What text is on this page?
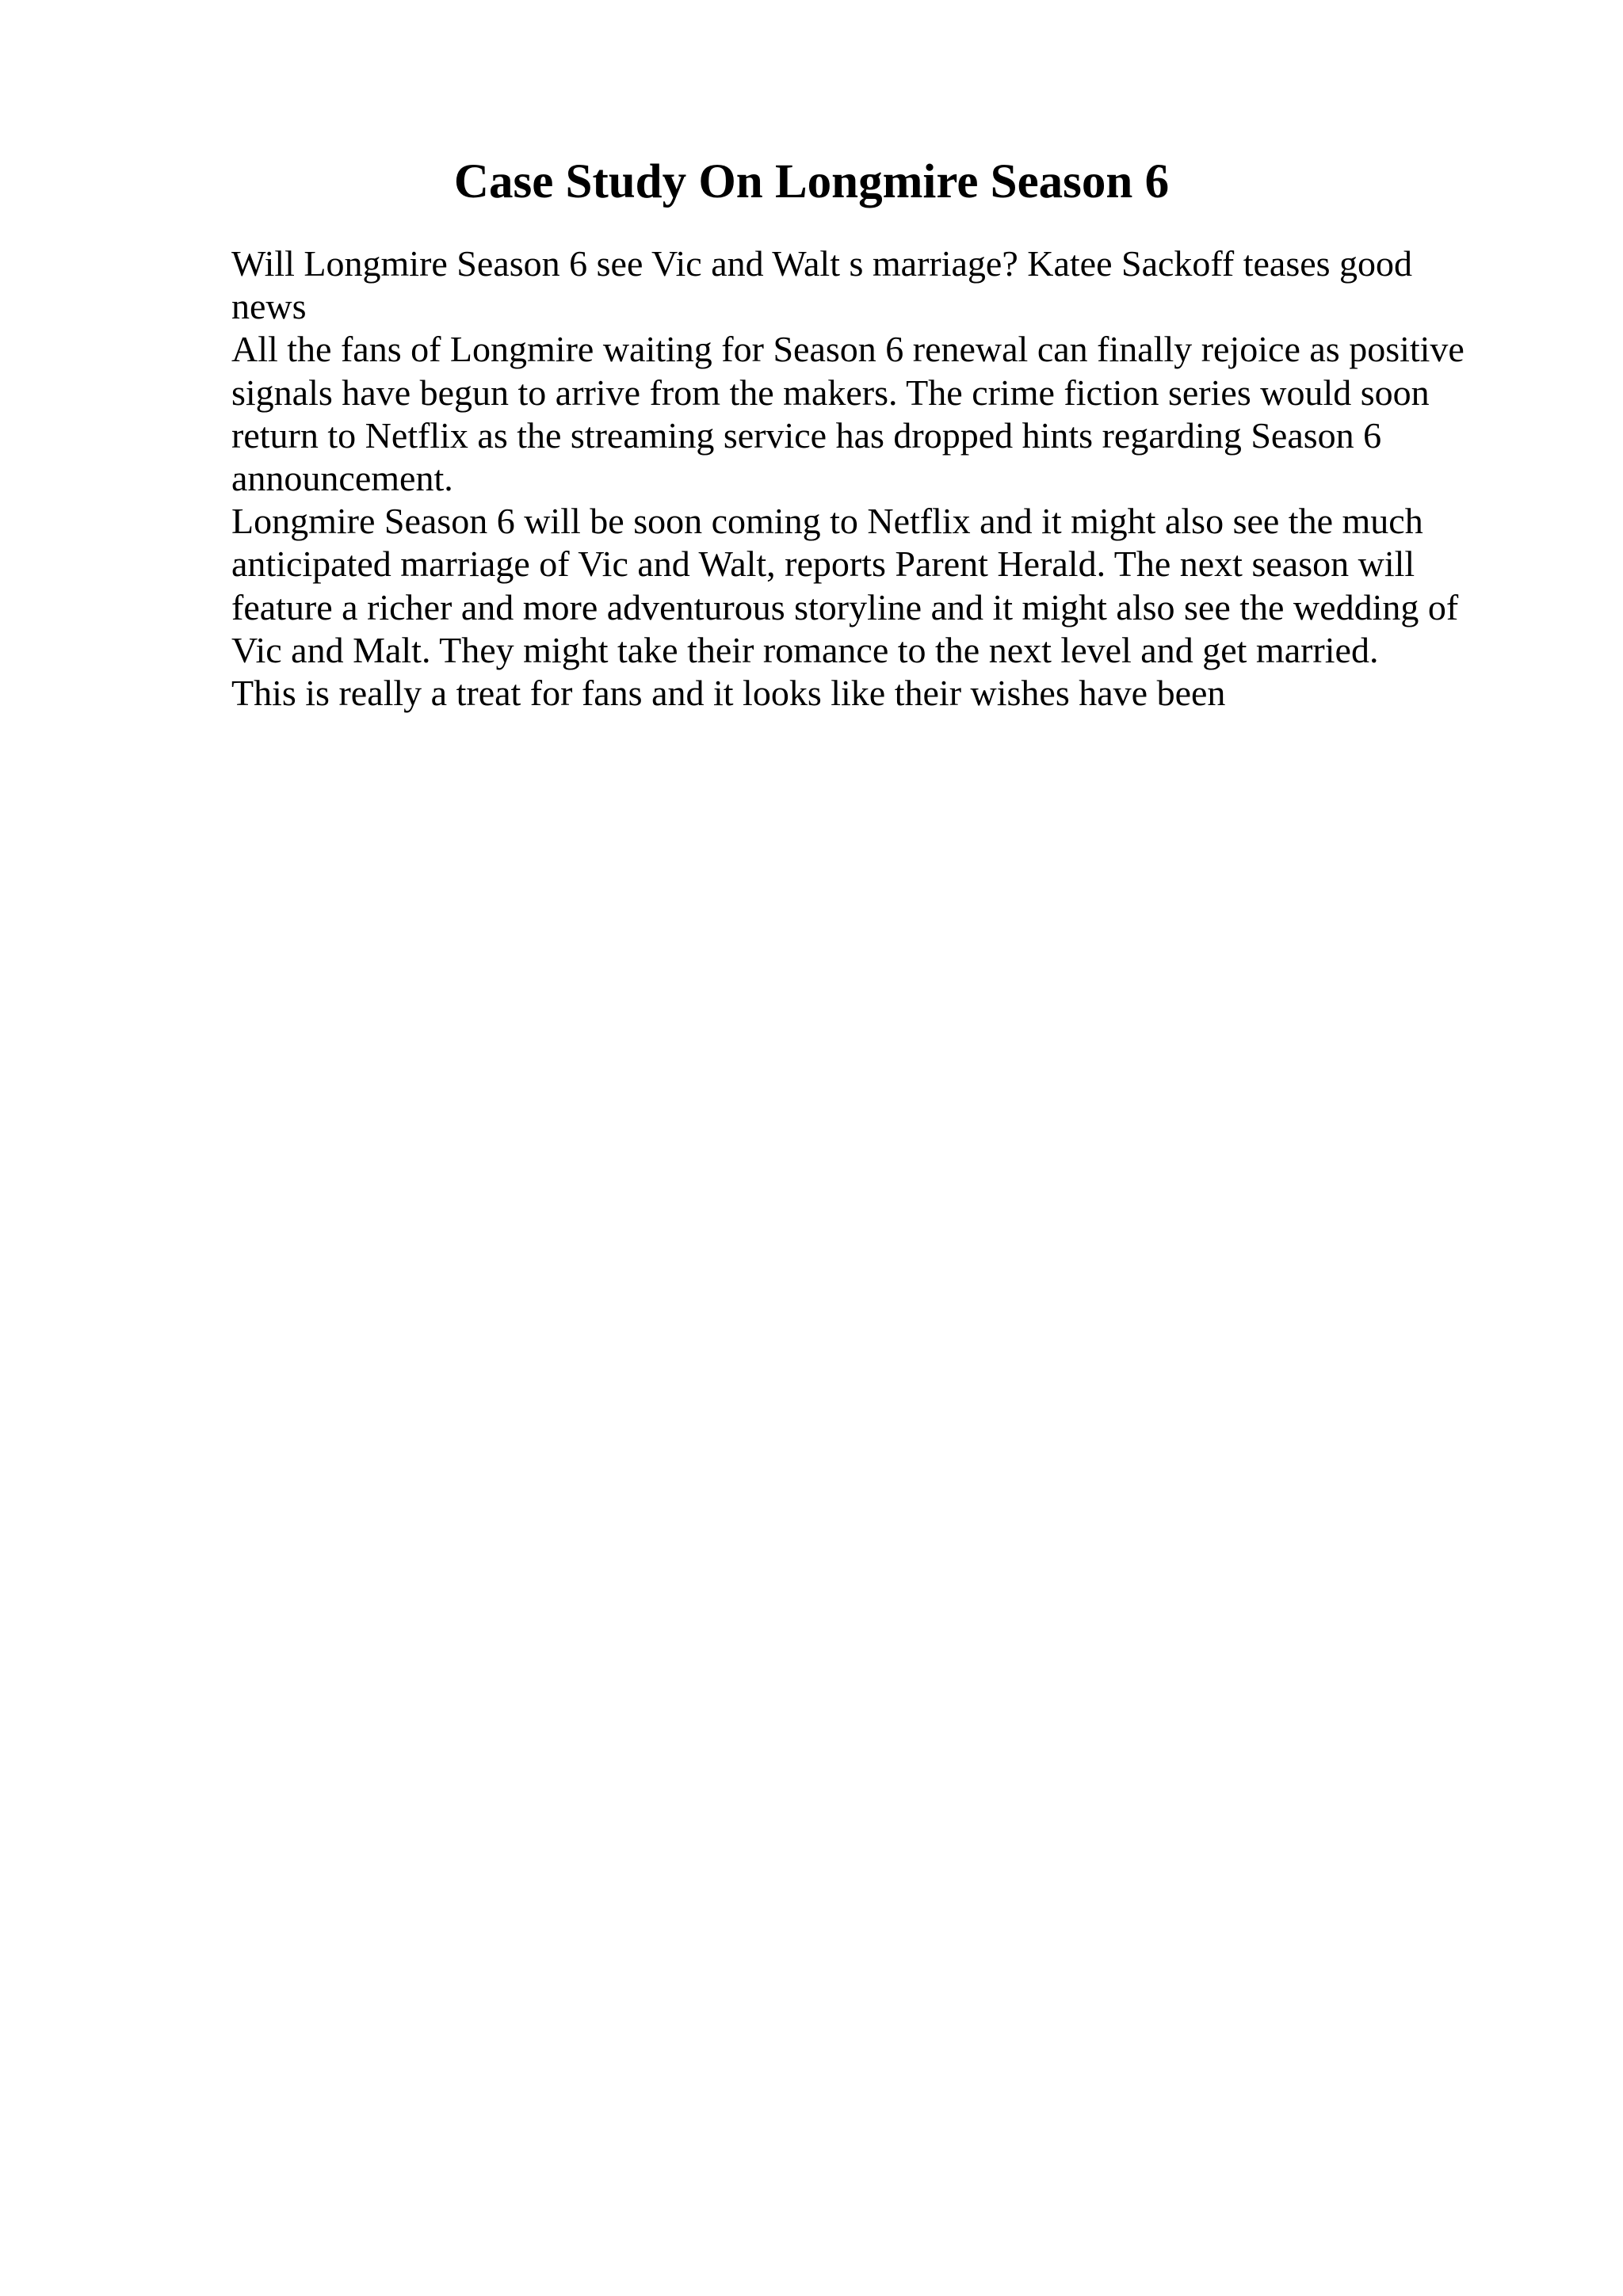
Case Study On Longmire Season 6
Will Longmire Season 6 see Vic and Walt s marriage? Katee Sackoff teases good
news
All the fans of Longmire waiting for Season 6 renewal can finally rejoice as positive
signals have begun to arrive from the makers. The crime fiction series would soon
return to Netflix as the streaming service has dropped hints regarding Season 6
announcement.
Longmire Season 6 will be soon coming to Netflix and it might also see the much
anticipated marriage of Vic and Walt, reports Parent Herald. The next season will
feature a richer and more adventurous storyline and it might also see the wedding of
Vic and Malt. They might take their romance to the next level and get married.
This is really a treat for fans and it looks like their wishes have been
